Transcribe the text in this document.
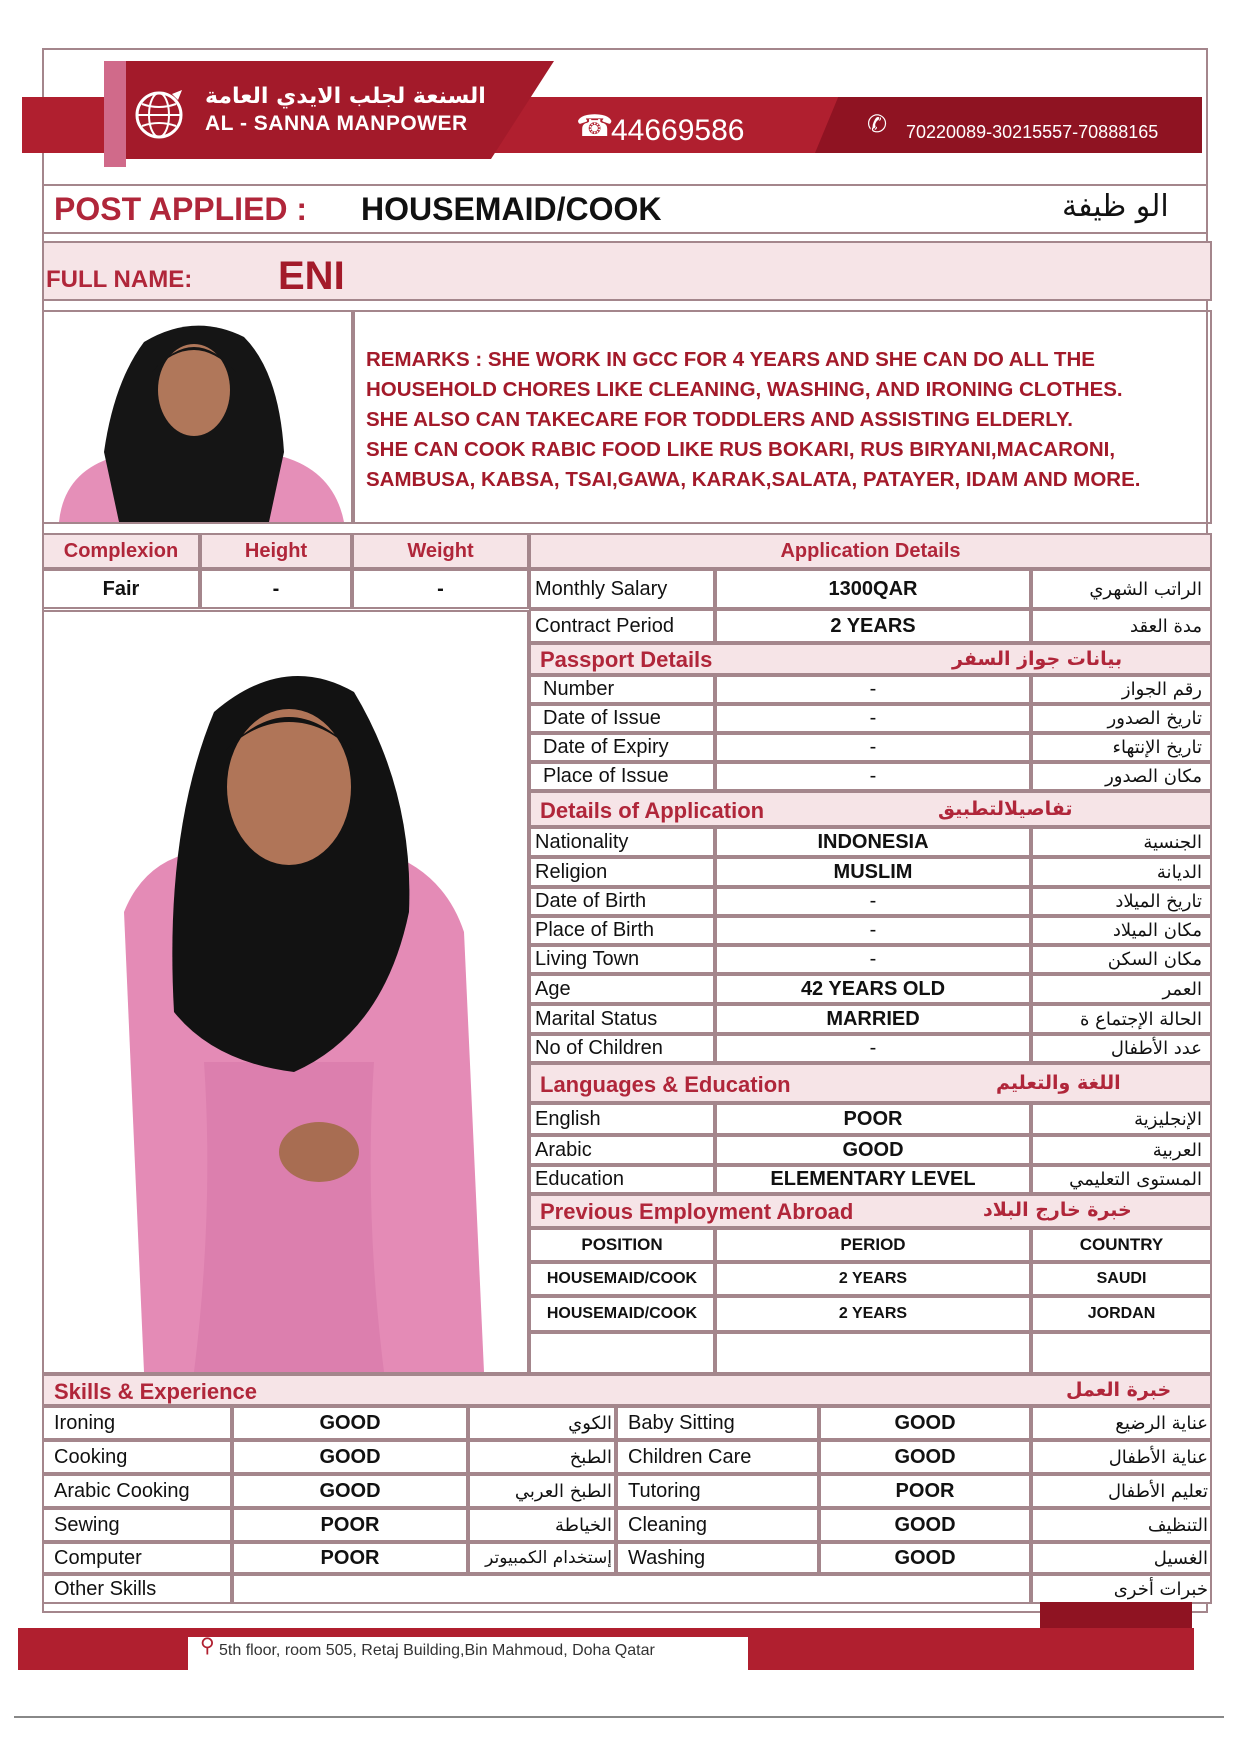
السنعة لجلب الايدي العامة
AL - SANNA MANPOWER	☎
44669586	✆ 70220089-30215557-70888165
POST APPLIED : HOUSEMAID/COOK	الو ظيفة
FULL NAME: ENI
REMARKS : SHE WORK IN GCC FOR 4 YEARS AND SHE CAN DO ALL THE
HOUSEHOLD CHORES LIKE CLEANING, WASHING, AND IRONING CLOTHES.
SHE ALSO CAN TAKECARE FOR TODDLERS AND ASSISTING ELDERLY.
SHE CAN COOK RABIC FOOD LIKE RUS BOKARI, RUS BIRYANI,MACARONI,
SAMBUSA, KABSA, TSAI,GAWA, KARAK,SALATA, PATAYER, IDAM AND MORE.
Complexion	Height	Weight
Fair	-	-
Application Details
Monthly Salary	1300QAR	الراتب الشهري
Contract Period	2 YEARS	مدة العقد
Passport Details	بيانات جواز السفر
Number	-	رقم الجواز
Date of Issue	-	تاريخ الصدور
Date of Expiry	-	تاريخ الإنتهاء
Place of Issue	-	مكان الصدور
Details of Application	تفاصيلالتطبيق
Nationality	INDONESIA	الجنسية
Religion	MUSLIM	الديانة
Date of Birth	-	تاريخ الميلاد
Place of Birth	-	مكان الميلاد
Living Town	-	مكان السكن
Age	42 YEARS OLD	العمر
Marital Status	MARRIED	الحالة الإجتماع ة
No of Children	-	عدد الأطفال
Languages & Education	اللغة والتعليم
English	POOR	الإنجليزية
Arabic	GOOD	العربية
Education	ELEMENTARY LEVEL	المستوى التعليمي
Previous Employment Abroad	خبرة خارج البلاد
POSITION	PERIOD	COUNTRY
HOUSEMAID/COOK	2 YEARS	SAUDI
HOUSEMAID/COOK	2 YEARS	JORDAN
Skills & Experience	خبرة العمل
Ironing	GOOD	الكوي Baby Sitting	GOOD	عناية الرضيع
Cooking	GOOD	الطبخ Children Care	GOOD	عناية الأطفال
Arabic Cooking	GOOD	الطبخ العربي Tutoring	POOR	تعليم الأطفال
Sewing	POOR	الخياطة Cleaning	GOOD	التنظيف
Computer	POOR	إستخدام الكمبيوتر Washing	GOOD	الغسيل
Other Skills	خبرات أخرى
⚲ 5th floor, room 505, Retaj Building,Bin Mahmoud, Doha Qatar
